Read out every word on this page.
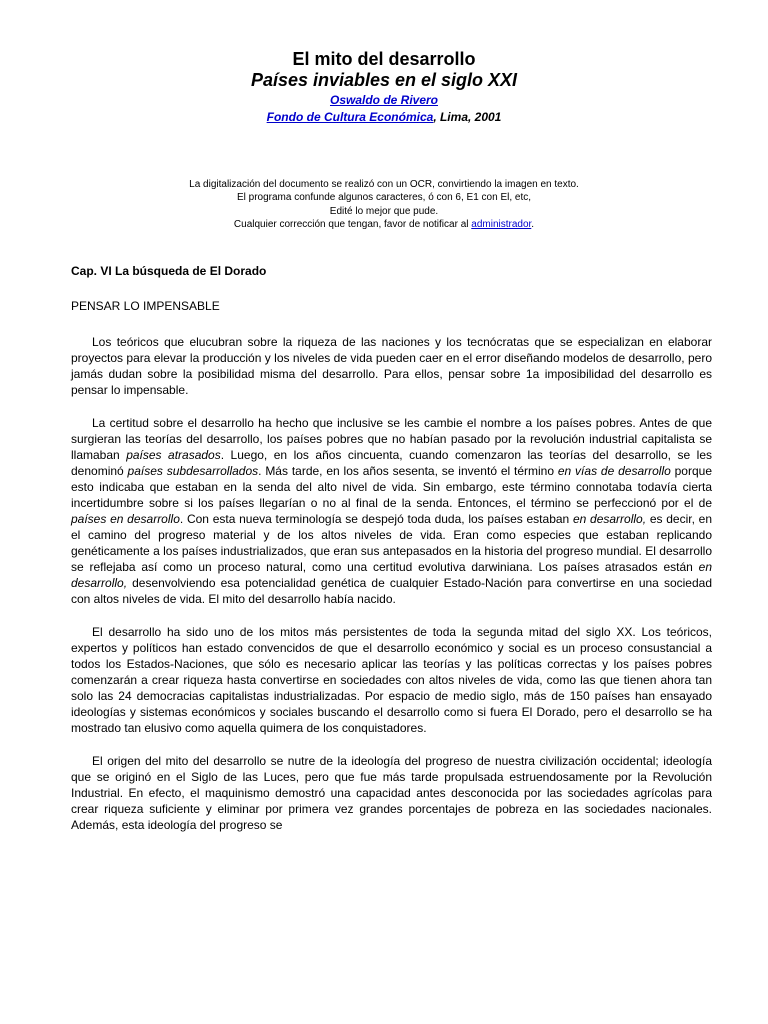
El mito del desarrollo

Países inviables en el siglo XXI

Oswaldo de Rivero

Fondo de Cultura Económica, Lima, 2001

La digitalización del documento se realizó con un OCR, convirtiendo la imagen en texto.

El programa confunde algunos caracteres, ó con 6, E1 con El, etc,

Edité lo mejor que pude.

Cualquier corrección que tengan, favor de notificar al administrador.

Cap. VI La búsqueda de El Dorado

PENSAR LO IMPENSABLE

Los teóricos que elucubran sobre la riqueza de las naciones y los tecnócratas que se especializan en elaborar proyectos para elevar la producción y los niveles de vida pueden caer en el error diseñando modelos de desarrollo, pero jamás dudan sobre la posibilidad misma del desarrollo. Para ellos, pensar sobre 1a imposibilidad del desarrollo es pensar lo impensable.

La certitud sobre el desarrollo ha hecho que inclusive se les cambie el nombre a los países pobres. Antes de que surgieran las teorías del desarrollo, los países pobres que no habían pasado por la revolución industrial capitalista se llamaban países atrasados. Luego, en los años cincuenta, cuando comenzaron las teorías del desarrollo, se les denominó países subdesarrollados. Más tarde, en los años sesenta, se inventó el término en vías de desarrollo porque esto indicaba que estaban en la senda del alto nivel de vida. Sin embargo, este término connotaba todavía cierta incertidumbre sobre si los países llegarían o no al final de la senda. Entonces, el término se perfeccionó por el de países en desarrollo. Con esta nueva terminología se despejó toda duda, los países estaban en desarrollo, es decir, en el camino del progreso material y de los altos niveles de vida. Eran como especies que estaban replicando genéticamente a los países industrializados, que eran sus antepasados en la historia del progreso mundial. El desarrollo se reflejaba así como un proceso natural, como una certitud evolutiva darwiniana. Los países atrasados están en desarrollo, desenvolviendo esa potencialidad genética de cualquier Estado-Nación para convertirse en una sociedad con altos niveles de vida. El mito del desarrollo había nacido.

El desarrollo ha sido uno de los mitos más persistentes de toda la segunda mitad del siglo XX. Los teóricos, expertos y políticos han estado convencidos de que el desarrollo económico y social es un proceso consustancial a todos los Estados-Naciones, que sólo es necesario aplicar las teorías y las políticas correctas y los países pobres comenzarán a crear riqueza hasta convertirse en sociedades con altos niveles de vida, como las que tienen ahora tan solo las 24 democracias capitalistas industrializadas. Por espacio de medio siglo, más de 150 países han ensayado ideologías y sistemas económicos y sociales buscando el desarrollo como si fuera El Dorado, pero el desarrollo se ha mostrado tan elusivo como aquella quimera de los conquistadores.

El origen del mito del desarrollo se nutre de la ideología del progreso de nuestra civilización occidental; ideología que se originó en el Siglo de las Luces, pero que fue más tarde propulsada estruendosamente por la Revolución Industrial. En efecto, el maquinismo demostró una capacidad antes desconocida por las sociedades agrícolas para crear riqueza suficiente y eliminar por primera vez grandes porcentajes de pobreza en las sociedades nacionales. Además, esta ideología del progreso se
